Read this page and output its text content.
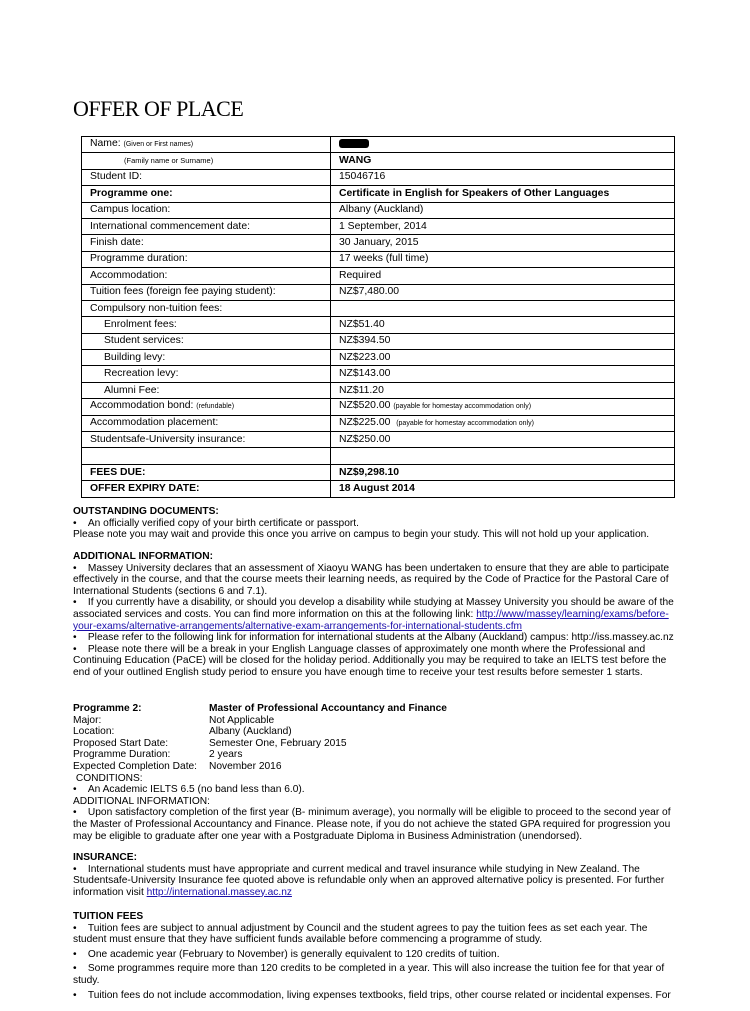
OFFER OF PLACE
Name: (Given or First names)	
(Family name or Surname)	WANG
Student ID:	15046716
Programme one:	Certificate in English for Speakers of Other Languages
Campus location:	Albany (Auckland)
International commencement date:	1 September, 2014
Finish date:	30 January, 2015
Programme duration:	17 weeks (full time)
Accommodation:	Required
Tuition fees (foreign fee paying student):	NZ$7,480.00
Compulsory non-tuition fees:	
Enrolment fees:	NZ$51.40
Student services:	NZ$394.50
Building levy:	NZ$223.00
Recreation levy:	NZ$143.00
Alumni Fee:	NZ$11.20
Accommodation bond: (refundable)	NZ$520.00 (payable for homestay accommodation only)
Accommodation placement:	NZ$225.00 (payable for homestay accommodation only)
Studentsafe-University insurance:	NZ$250.00

FEES DUE:	NZ$9,298.10
OFFER EXPIRY DATE:	18 August 2014

OUTSTANDING DOCUMENTS:

•    An officially verified copy of your birth certificate or passport.

Please note you may wait and provide this once you arrive on campus to begin your study. This will not hold up your application.

ADDITIONAL INFORMATION:

•    Massey University declares that an assessment of Xiaoyu WANG has been undertaken to ensure that they are able to participate effectively in the course, and that the course meets their learning needs, as required by the Code of Practice for the Pastoral Care of International Students (sections 6 and 7.1).

•    If you currently have a disability, or should you develop a disability while studying at Massey University you should be aware of the associated services and costs. You can find more information on this at the following link: http://www/massey/learning/exams/before-your-exams/alternative-arrangements/alternative-exam-arrangements-for-international-students.cfm

•    Please refer to the following link for information for international students at the Albany (Auckland) campus: http://iss.massey.ac.nz

•    Please note there will be a break in your English Language classes of approximately one month where the Professional and Continuing Education (PaCE) will be closed for the holiday period. Additionally you may be required to take an IELTS test before the end of your outlined English study period to ensure you have enough time to receive your test results before semester 1 starts.

Programme 2:	Master of Professional Accountancy and Finance
Major:	Not Applicable
Location:	Albany (Auckland)
Proposed Start Date:	Semester One, February 2015
Programme Duration:	2 years
Expected Completion Date:	November 2016

CONDITIONS:

•    An Academic IELTS 6.5 (no band less than 6.0).

ADDITIONAL INFORMATION:

•    Upon satisfactory completion of the first year (B- minimum average), you normally will be eligible to proceed to the second year of the Master of Professional Accountancy and Finance. Please note, if you do not achieve the stated GPA required for progression you may be eligible to graduate after one year with a Postgraduate Diploma in Business Administration (unendorsed).

INSURANCE:

•    International students must have appropriate and current medical and travel insurance while studying in New Zealand. The Studentsafe-University Insurance fee quoted above is refundable only when an approved alternative policy is presented. For further information visit http://international.massey.ac.nz

TUITION FEES

•    Tuition fees are subject to annual adjustment by Council and the student agrees to pay the tuition fees as set each year. The student must ensure that they have sufficient funds available before commencing a programme of study.

•    One academic year (February to November) is generally equivalent to 120 credits of tuition.

•    Some programmes require more than 120 credits to be completed in a year. This will also increase the tuition fee for that year of study.

•    Tuition fees do not include accommodation, living expenses textbooks, field trips, other course related or incidental expenses. For
